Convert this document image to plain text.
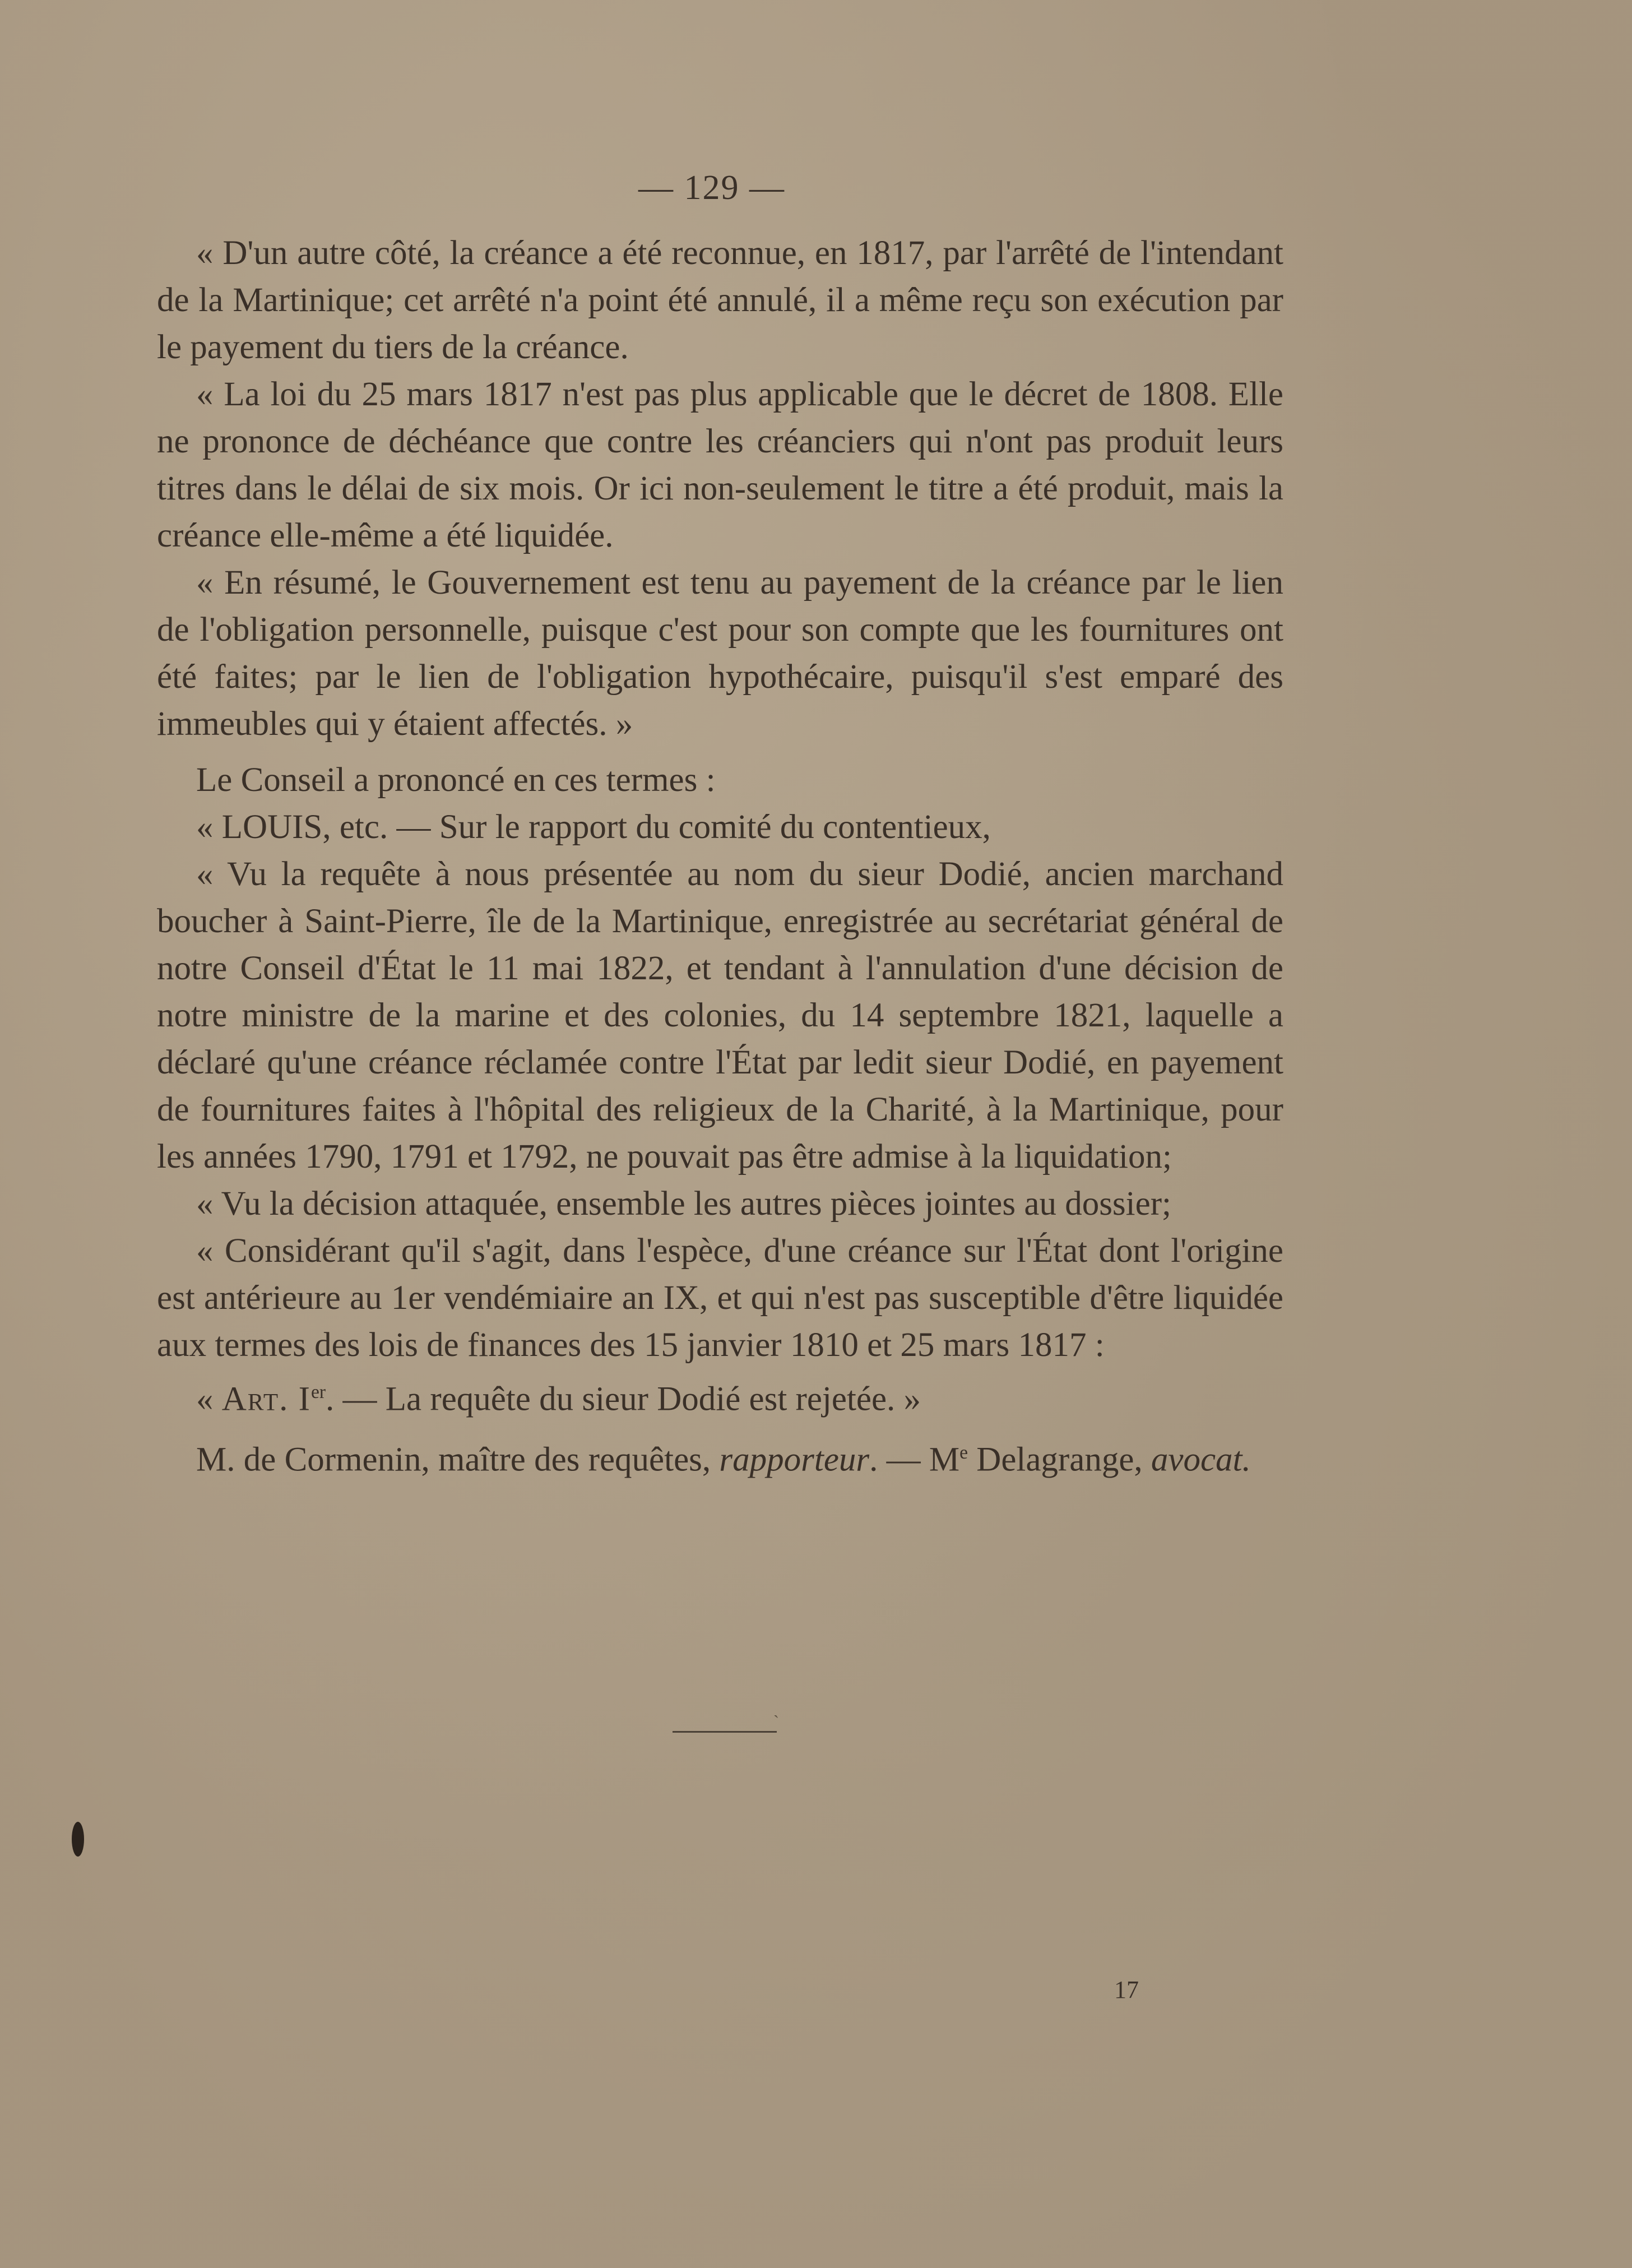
— 129 —

« D'un autre côté, la créance a été reconnue, en 1817, par l'arrêté de l'intendant de la Martinique; cet arrêté n'a point été annulé, il a même reçu son exécution par le payement du tiers de la créance.

« La loi du 25 mars 1817 n'est pas plus applicable que le décret de 1808. Elle ne prononce de déchéance que contre les créanciers qui n'ont pas produit leurs titres dans le délai de six mois. Or ici non-seulement le titre a été produit, mais la créance elle-même a été liquidée.

« En résumé, le Gouvernement est tenu au payement de la créance par le lien de l'obligation personnelle, puisque c'est pour son compte que les fournitures ont été faites; par le lien de l'obligation hypothécaire, puisqu'il s'est emparé des immeubles qui y étaient affectés. »

Le Conseil a prononcé en ces termes :

« LOUIS, etc. — Sur le rapport du comité du contentieux,

« Vu la requête à nous présentée au nom du sieur Dodié, ancien marchand boucher à Saint-Pierre, île de la Martinique, enregistrée au secrétariat général de notre Conseil d'État le 11 mai 1822, et tendant à l'annulation d'une décision de notre ministre de la marine et des colonies, du 14 septembre 1821, laquelle a déclaré qu'une créance réclamée contre l'État par ledit sieur Dodié, en payement de fournitures faites à l'hôpital des religieux de la Charité, à la Martinique, pour les années 1790, 1791 et 1792, ne pouvait pas être admise à la liquidation;

« Vu la décision attaquée, ensemble les autres pièces jointes au dossier;

« Considérant qu'il s'agit, dans l'espèce, d'une créance sur l'État dont l'origine est antérieure au 1er vendémiaire an IX, et qui n'est pas susceptible d'être liquidée aux termes des lois de finances des 15 janvier 1810 et 25 mars 1817 :

« Art. Ier. — La requête du sieur Dodié est rejetée. »

M. de Cormenin, maître des requêtes, rapporteur. — Me Delagrange, avocat.

ˏ
17
